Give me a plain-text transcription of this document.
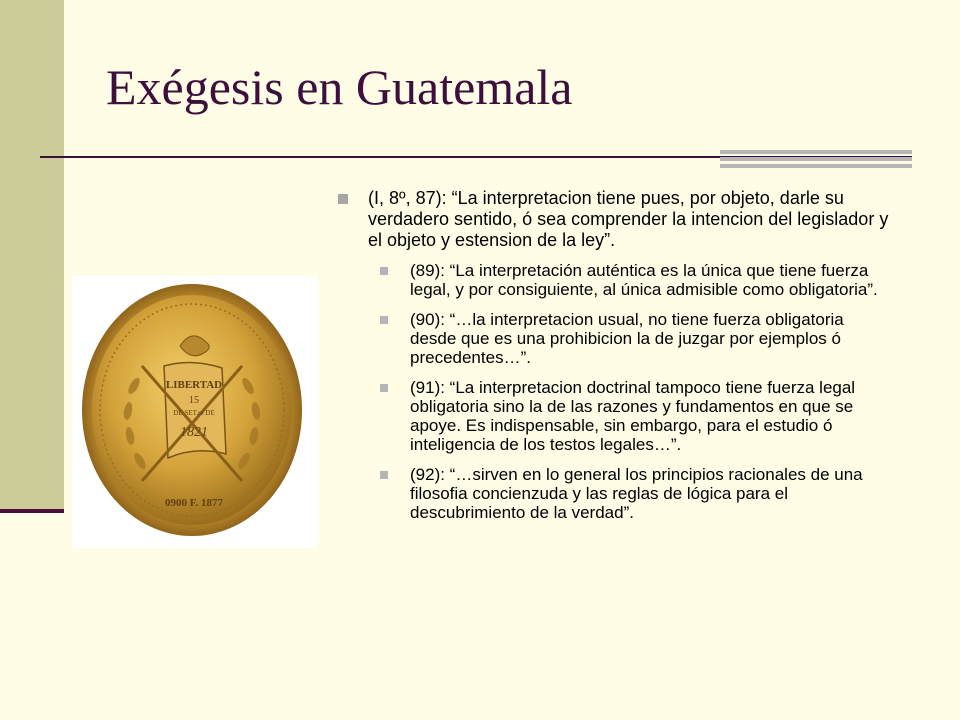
Exégesis en Guatemala
LIBERTAD
15
DE SET.re DE
1821
0900 F. 1877
(I, 8º, 87): “La interpretacion tiene pues, por objeto, darle su verdadero sentido, ó sea comprender la intencion del legislador y el objeto y estension de la ley”.
(89): “La interpretación auténtica es la única que tiene fuerza legal, y por consiguiente, al única admisible como obligatoria”.
(90): “…la interpretacion usual, no tiene fuerza obligatoria desde que es una prohibicion la de juzgar por ejemplos ó precedentes…”.
(91): “La interpretacion doctrinal tampoco tiene fuerza legal obligatoria sino la de las razones y fundamentos en que se apoye. Es indispensable, sin embargo, para el estudio ó inteligencia de los testos legales…”.
(92): “…sirven en lo general los principios racionales de una filosofia concienzuda y las reglas de lógica para el descubrimiento de la verdad”.
